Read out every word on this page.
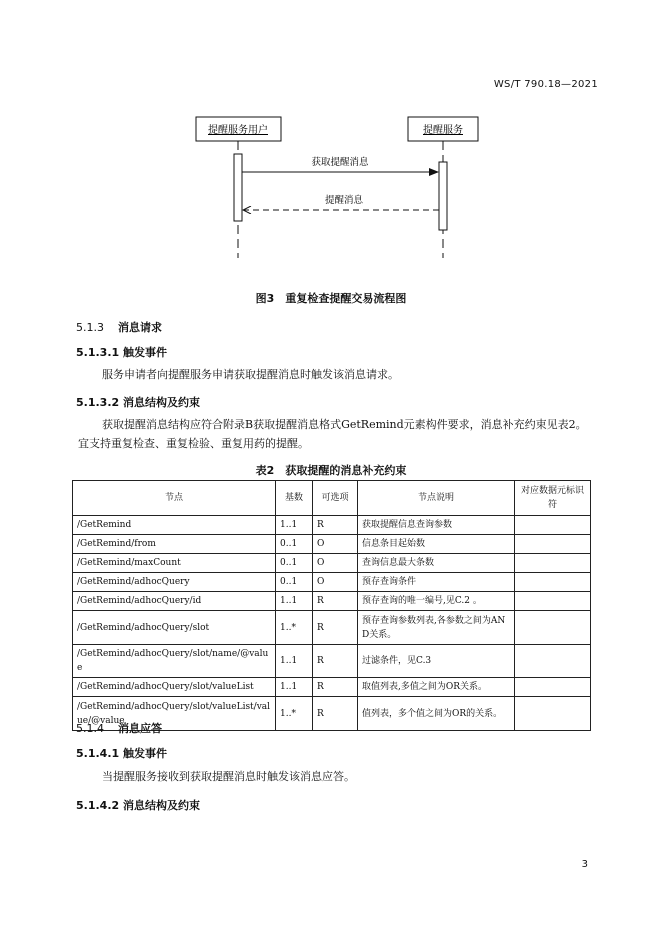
WS/T 790.18—2021
提醒服务用户	提醒服务
获取提醒消息
提醒消息
图3　重复检查提醒交易流程图
5.1.3 消息请求
5.1.3.1 触发事件
服务申请者向提醒服务申请获取提醒消息时触发该消息请求。
5.1.3.2 消息结构及约束
获取提醒消息结构应符合附录B获取提醒消息格式GetRemind元素构件要求，消息补充约束见表2。
宜支持重复检查、重复检验、重复用药的提醒。
表2　获取提醒的消息补充约束
节点	基数	可选项	节点说明	对应数据元标识符
/GetRemind	1..1	R	获取提醒信息查询参数	
/GetRemind/from	0..1	O	信息条目起始数	
/GetRemind/maxCount	0..1	O	查询信息最大条数	
/GetRemind/adhocQuery	0..1	O	预存查询条件	
/GetRemind/adhocQuery/id	1..1	R	预存查询的唯一编号,见C.2 。	
/GetRemind/adhocQuery/slot	1..*	R	预存查询参数列表,各参数之间为AND关系。	
/GetRemind/adhocQuery/slot/name/@value	1..1	R	过滤条件，见C.3	
/GetRemind/adhocQuery/slot/valueList	1..1	R	取值列表,多值之间为OR关系。	
/GetRemind/adhocQuery/slot/valueList/value/@value	1..*	R	值列表，多个值之间为OR的关系。	
5.1.4 消息应答
5.1.4.1 触发事件
当提醒服务接收到获取提醒消息时触发该消息应答。
5.1.4.2 消息结构及约束
3
